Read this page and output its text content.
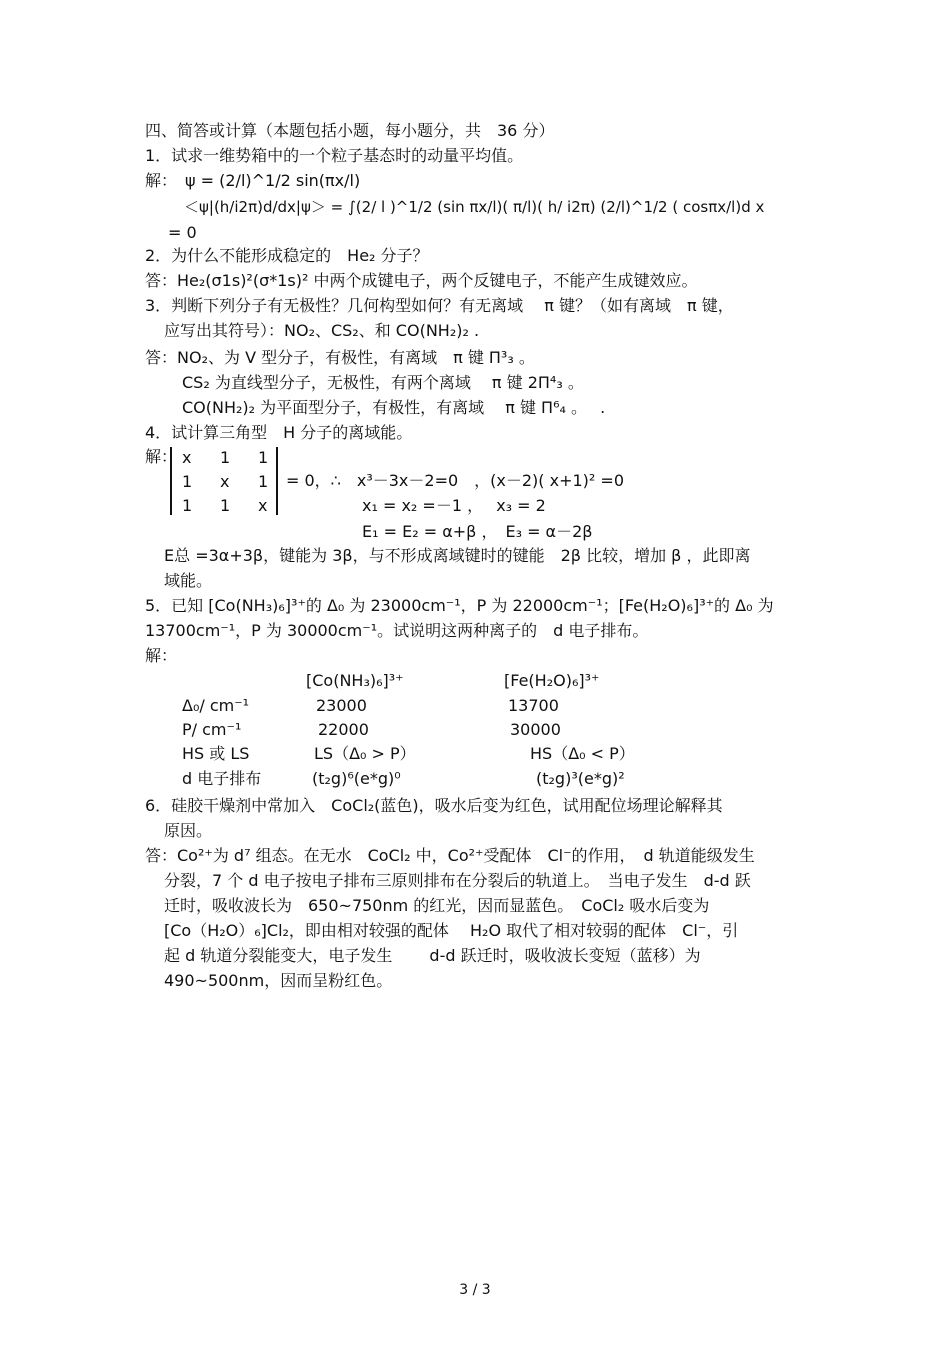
四、简答或计算（本题包括小题，每小题分，共　36 分）
1．试求一维势箱中的一个粒子基态时的动量平均值。
解：　ψ = (2/l)^1/2 sin(πx/l)
＜ψ|(h/i2π)d/dx|ψ＞ = ∫(2/ l )^1/2 (sin πx/l)( π/l)( h/ i2π) (2/l)^1/2 ( cosπx/l)d x
= 0
2．为什么不能形成稳定的　He₂ 分子？
答：He₂(σ1s)²(σ*1s)² 中两个成键电子，两个反键电子，不能产生成键效应。
3．判断下列分子有无极性？几何构型如何？有无离域　 π 键？（如有离域　π 键，
应写出其符号）：NO₂、CS₂、和 CO(NH₂)₂ .
答：NO₂、为 V 型分子，有极性，有离域　π 键 Π³₃ 。
CS₂ 为直线型分子，无极性，有两个离域　 π 键 2Π⁴₃ 。
CO(NH₂)₂ 为平面型分子，有极性，有离域　 π 键 Π⁶₄ 。　 .
4．试计算三角型　H 分子的离域能。
解： x 1 1
1 x 1
1 1 x
= 0，∴　x³－3x－2=0　，(x－2)( x+1)² =0
x₁ = x₂ =－1 ，　 x₃ = 2
E₁ = E₂ = α+β ，　E₃ = α－2β
E总 =3α+3β，键能为 3β，与不形成离域键时的键能　2β 比较，增加 β ，此即离
域能。
5．已知 [Co(NH₃)₆]³⁺的 Δ₀ 为 23000cm⁻¹，P 为 22000cm⁻¹；[Fe(H₂O)₆]³⁺的 Δ₀ 为
13700cm⁻¹，P 为 30000cm⁻¹。试说明这两种离子的　d 电子排布。
解：
[Co(NH₃)₆]³⁺	[Fe(H₂O)₆]³⁺
Δ₀/ cm⁻¹	23000	13700
P/ cm⁻¹	22000	30000
HS 或 LS	LS（Δ₀ > P）	HS（Δ₀ < P）
d 电子排布	(t₂g)⁶(e*g)⁰	(t₂g)³(e*g)²
6．硅胶干燥剂中常加入　CoCl₂(蓝色)，吸水后变为红色，试用配位场理论解释其
原因。
答：Co²⁺为 d⁷ 组态。在无水　CoCl₂ 中，Co²⁺受配体　Cl⁻的作用，　d 轨道能级发生
分裂，7 个 d 电子按电子排布三原则排布在分裂后的轨道上。　当电子发生　d-d 跃
迁时，吸收波长为　650~750nm 的红光，因而显蓝色。　CoCl₂ 吸水后变为
[Co（H₂O）₆]Cl₂，即由相对较强的配体　 H₂O 取代了相对较弱的配体　Cl⁻，引
起 d 轨道分裂能变大，电子发生　　 d-d 跃迁时，吸收波长变短（蓝移）为
490~500nm，因而呈粉红色。
3 / 3
